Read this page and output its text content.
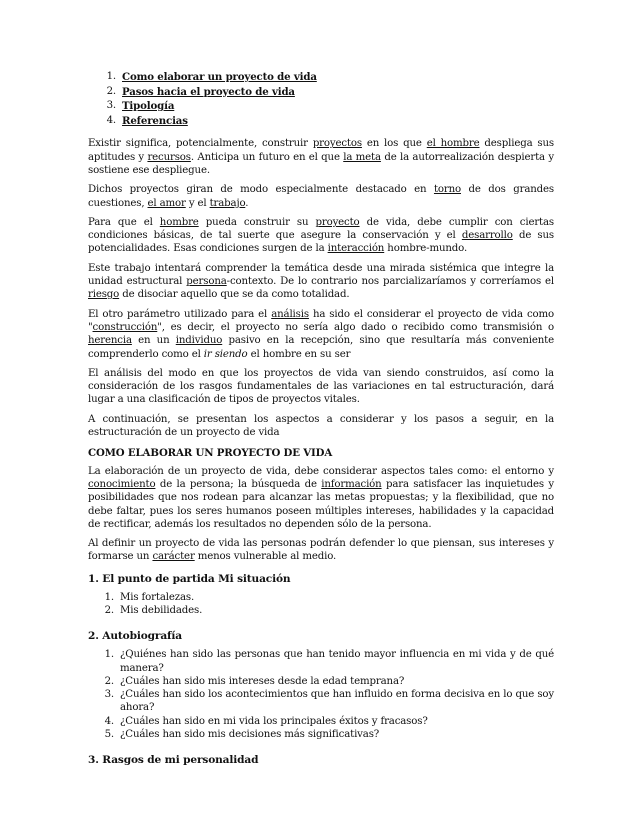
1. Como elaborar un proyecto de vida
2. Pasos hacia el proyecto de vida
3. Tipología
4. Referencias

Existir significa, potencialmente, construir proyectos en los que el hombre despliega sus aptitudes y recursos. Anticipa un futuro en el que la meta de la autorrealización despierta y sostiene ese despliegue.

Dichos proyectos giran de modo especialmente destacado en torno de dos grandes cuestiones, el amor y el trabajo.

Para que el hombre pueda construir su proyecto de vida, debe cumplir con ciertas condiciones básicas, de tal suerte que asegure la conservación y el desarrollo de sus potencialidades. Esas condiciones surgen de la interacción hombre-mundo.

Este trabajo intentará comprender la temática desde una mirada sistémica que integre la unidad estructural persona-contexto. De lo contrario nos parcializaríamos y correríamos el riesgo de disociar aquello que se da como totalidad.

El otro parámetro utilizado para el análisis ha sido el considerar el proyecto de vida como "construcción", es decir, el proyecto no sería algo dado o recibido como transmisión o herencia en un individuo pasivo en la recepción, sino que resultaría más conveniente comprenderlo como el ir siendo el hombre en su ser

El análisis del modo en que los proyectos de vida van siendo construidos, así como la consideración de los rasgos fundamentales de las variaciones en tal estructuración, dará lugar a una clasificación de tipos de proyectos vitales.

A continuación, se presentan los aspectos a considerar y los pasos a seguir, en la estructuración de un proyecto de vida

COMO ELABORAR UN PROYECTO DE VIDA

La elaboración de un proyecto de vida, debe considerar aspectos tales como: el entorno y conocimiento de la persona; la búsqueda de información para satisfacer las inquietudes y posibilidades que nos rodean para alcanzar las metas propuestas; y la flexibilidad, que no debe faltar, pues los seres humanos poseen múltiples intereses, habilidades y la capacidad de rectificar, además los resultados no dependen sólo de la persona.

Al definir un proyecto de vida las personas podrán defender lo que piensan, sus intereses y formarse un carácter menos vulnerable al medio.

1. El punto de partida Mi situación
1. Mis fortalezas.
2. Mis debilidades.
2. Autobiografía
1. ¿Quiénes han sido las personas que han tenido mayor influencia en mi vida y de qué manera?
2. ¿Cuáles han sido mis intereses desde la edad temprana?
3. ¿Cuáles han sido los acontecimientos que han influido en forma decisiva en lo que soy ahora?
4. ¿Cuáles han sido en mi vida los principales éxitos y fracasos?
5. ¿Cuáles han sido mis decisiones más significativas?
3. Rasgos de mi personalidad
